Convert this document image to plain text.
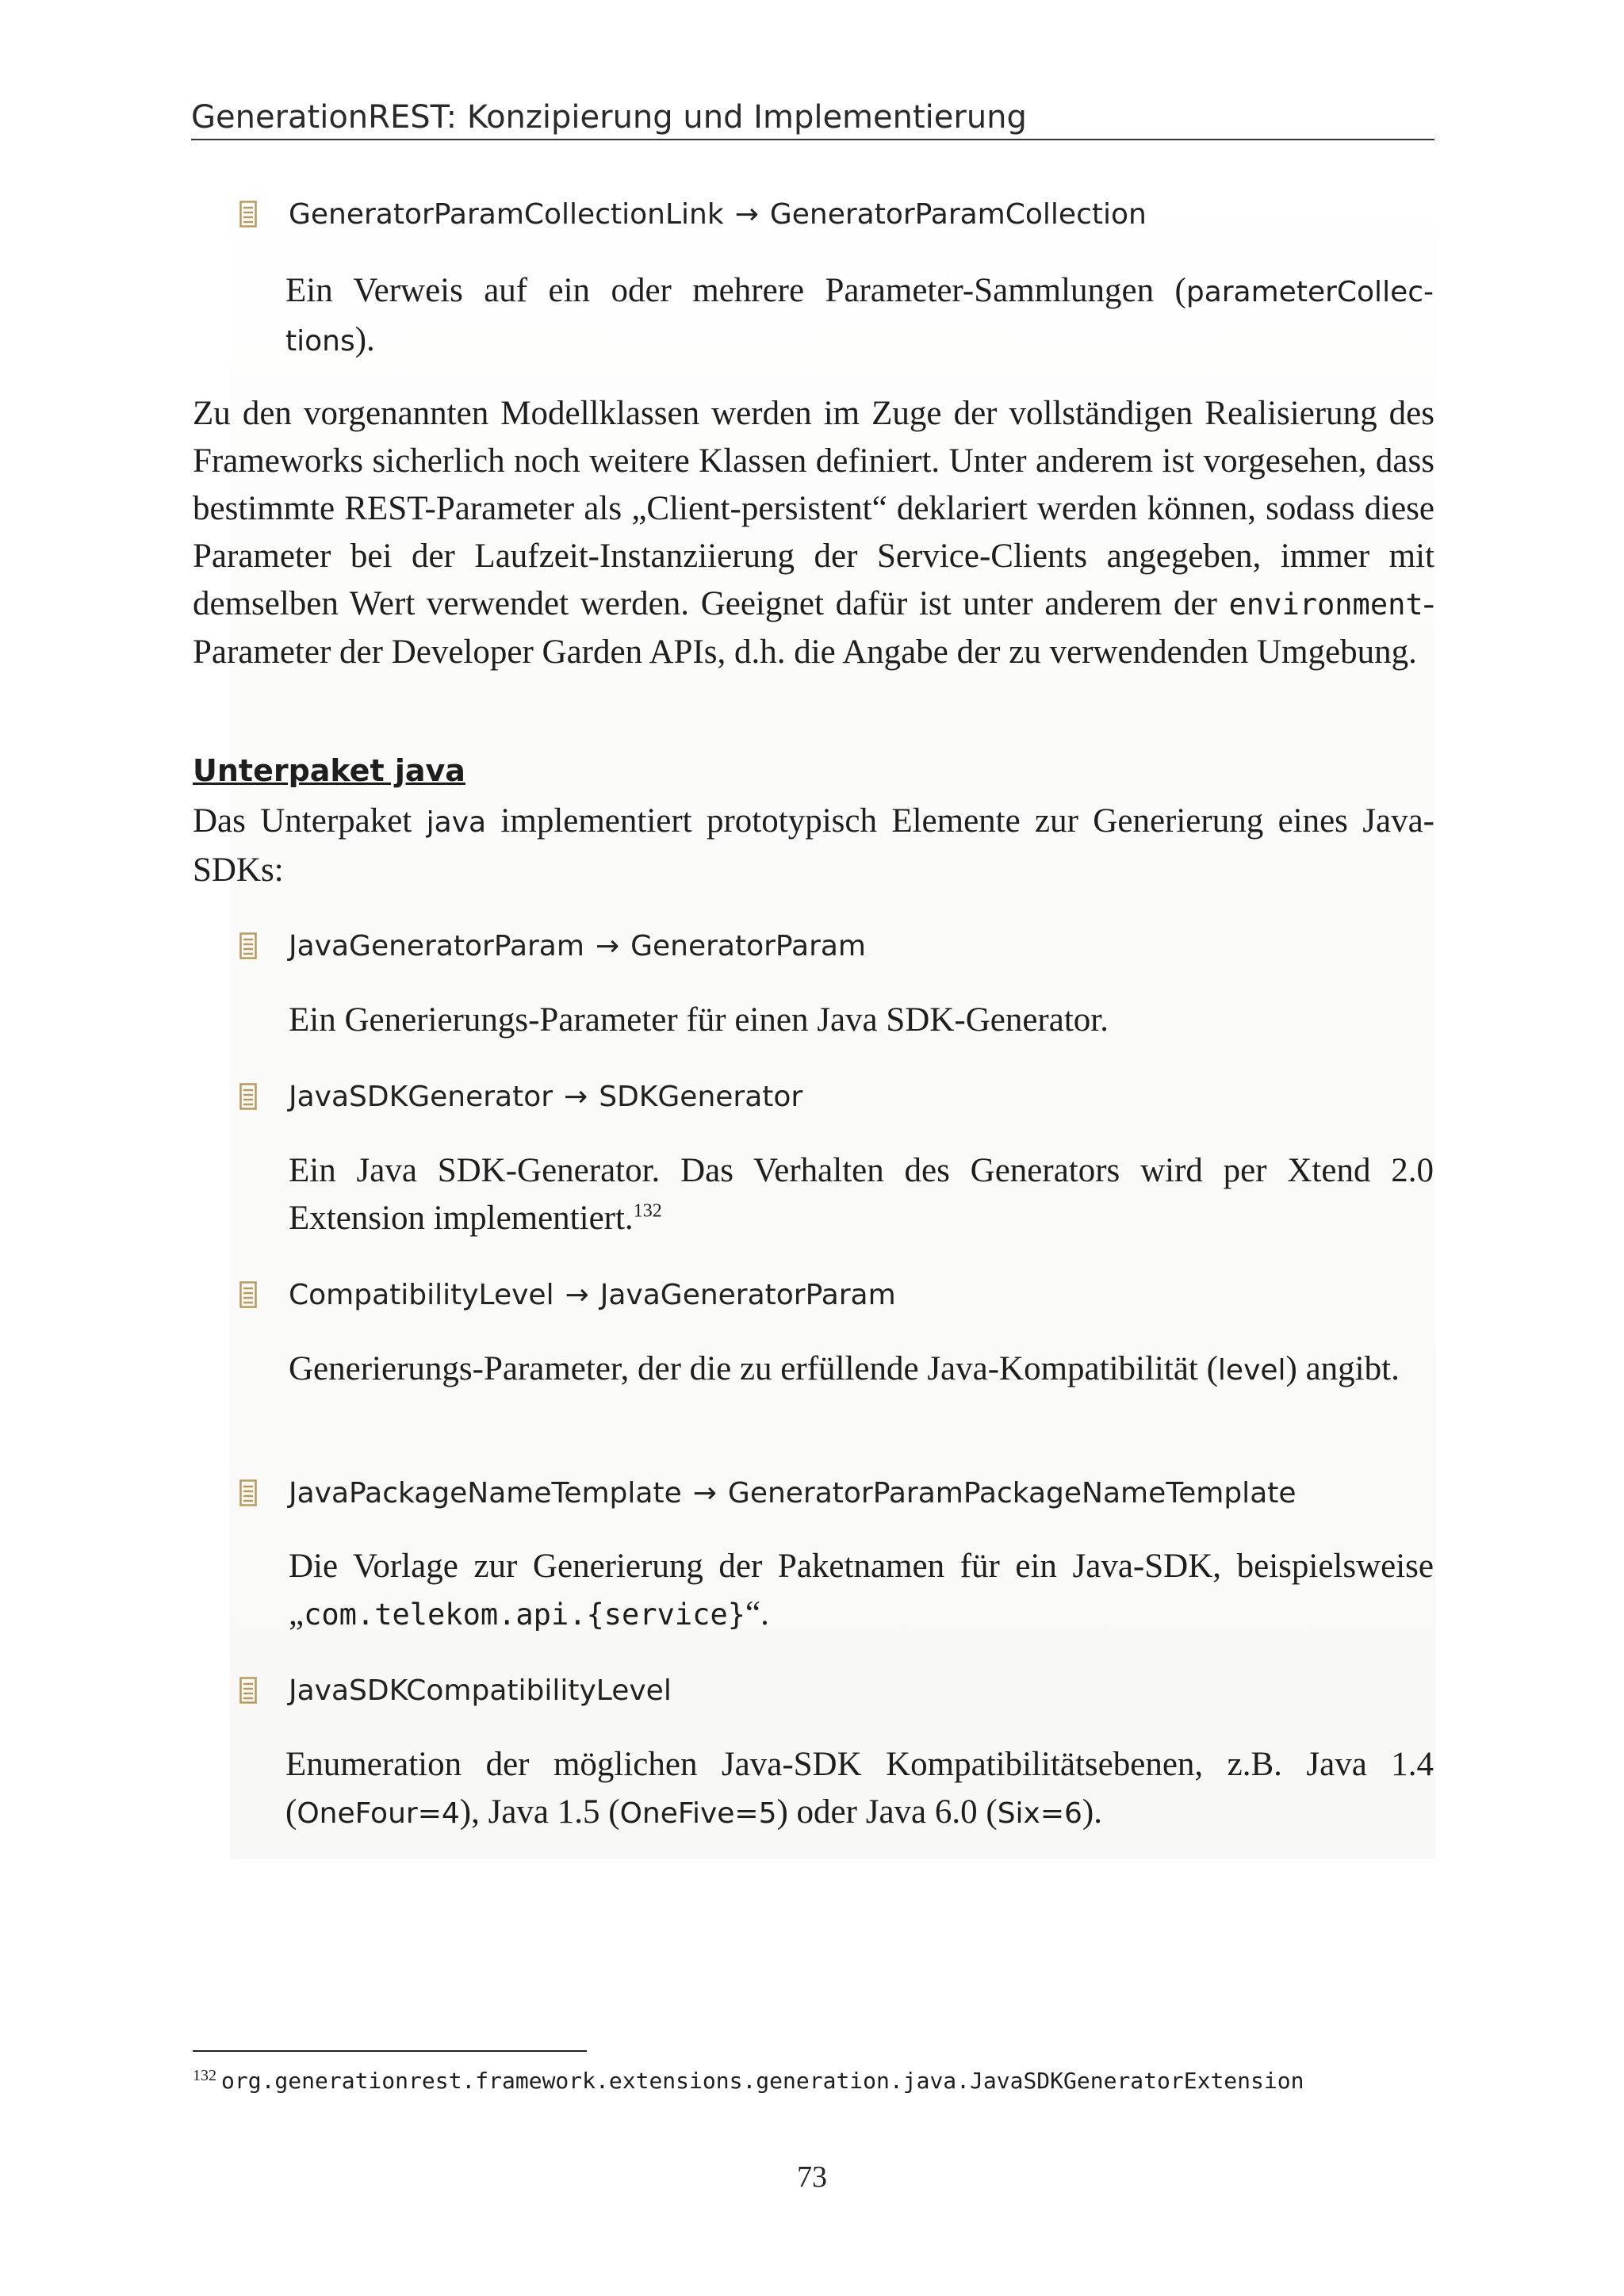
GenerationREST: Konzipierung und Implementierung
GeneratorParamCollectionLink → GeneratorParamCollection
Ein Verweis auf ein oder mehrere Parameter-Sammlungen (parameterCollec-tions).
Zu den vorgenannten Modellklassen werden im Zuge der vollständigen Realisierung des Frameworks sicherlich noch weitere Klassen definiert. Unter anderem ist vorgesehen, dass bestimmte REST-Parameter als „Client-persistent“ deklariert werden können, sodass diese Parameter bei der Laufzeit-Instanziierung der Service-Clients angegeben, immer mit demselben Wert verwendet werden. Geeignet dafür ist unter anderem der environment-Parameter der Developer Garden APIs, d.h. die Angabe der zu verwendenden Umgebung.
Unterpaket java
Das Unterpaket java implementiert prototypisch Elemente zur Generierung eines Java-SDKs:
JavaGeneratorParam → GeneratorParam
Ein Generierungs-Parameter für einen Java SDK-Generator.
JavaSDKGenerator → SDKGenerator
Ein Java SDK-Generator. Das Verhalten des Generators wird per Xtend 2.0 Extension implementiert.$^{132}$
CompatibilityLevel → JavaGeneratorParam
Generierungs-Parameter, der die zu erfüllende Java-Kompatibilität (level) angibt.
JavaPackageNameTemplate → GeneratorParamPackageNameTemplate
Die Vorlage zur Generierung der Paketnamen für ein Java-SDK, beispielsweise „com.telekom.api.{service}“.
JavaSDKCompatibilityLevel
Enumeration der möglichen Java-SDK Kompatibilitätsebenen, z.B. Java 1.4 (OneFour=4), Java 1.5 (OneFive=5) oder Java 6.0 (Six=6).
$^{132}$ org.generationrest.framework.extensions.generation.java.JavaSDKGeneratorExtension
73
